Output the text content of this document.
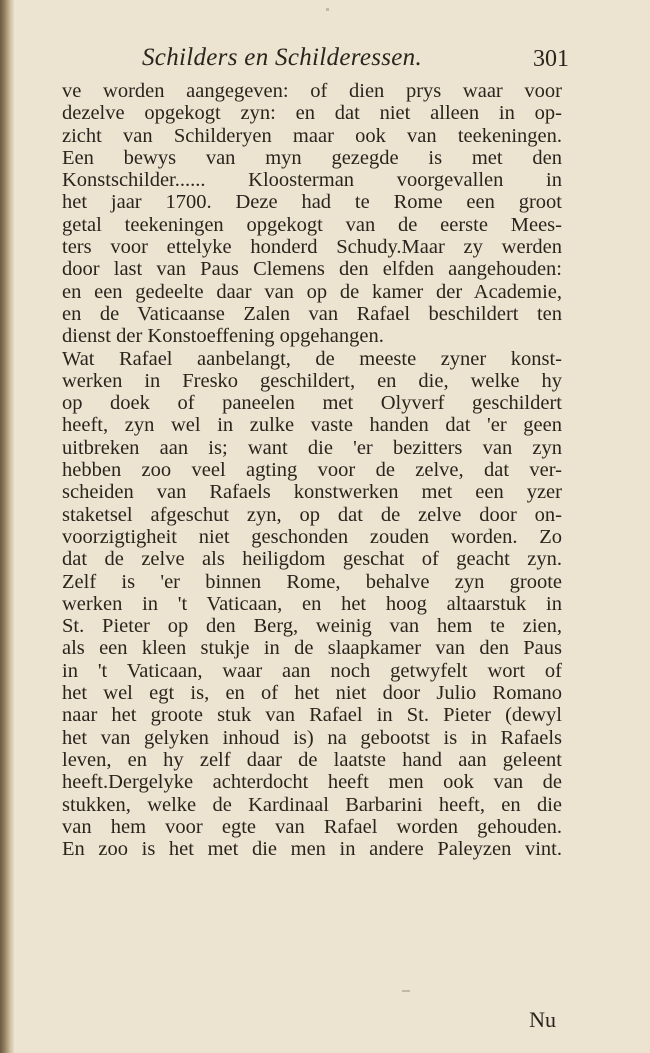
Schilders en Schilderessen.	301
ve worden aangegeven: of dien prys waar voor
dezelve opgekogt zyn: en dat niet alleen in op-
zicht van Schilderyen maar ook van teekeningen.
Een bewys van myn gezegde is met den
Konstschilder...... Kloosterman voorgevallen in
het jaar 1700. Deze had te Rome een groot
getal teekeningen opgekogt van de eerste Mees-
ters voor ettelyke honderd Schudy.Maar zy werden
door last van Paus Clemens den elfden aangehouden:
en een gedeelte daar van op de kamer der Academie,
en de Vaticaanse Zalen van Rafael beschildert ten
dienst der Konstoeffening opgehangen.
Wat Rafael aanbelangt, de meeste zyner konst-
werken in Fresko geschildert, en die, welke hy
op doek of paneelen met Olyverf geschildert
heeft, zyn wel in zulke vaste handen dat 'er geen
uitbreken aan is; want die 'er bezitters van zyn
hebben zoo veel agting voor de zelve, dat ver-
scheiden van Rafaels konstwerken met een yzer
staketsel afgeschut zyn, op dat de zelve door on-
voorzigtigheit niet geschonden zouden worden. Zo
dat de zelve als heiligdom geschat of geacht zyn.
Zelf is 'er binnen Rome, behalve zyn groote
werken in 't Vaticaan, en het hoog altaarstuk in
St. Pieter op den Berg, weinig van hem te zien,
als een kleen stukje in de slaapkamer van den Paus
in 't Vaticaan, waar aan noch getwyfelt wort of
het wel egt is, en of het niet door Julio Romano
naar het groote stuk van Rafael in St. Pieter (dewyl
het van gelyken inhoud is) na gebootst is in Rafaels
leven, en hy zelf daar de laatste hand aan geleent
heeft.Dergelyke achterdocht heeft men ook van de
stukken, welke de Kardinaal Barbarini heeft, en die
van hem voor egte van Rafael worden gehouden.
En zoo is het met die men in andere Paleyzen vint.
Nu
